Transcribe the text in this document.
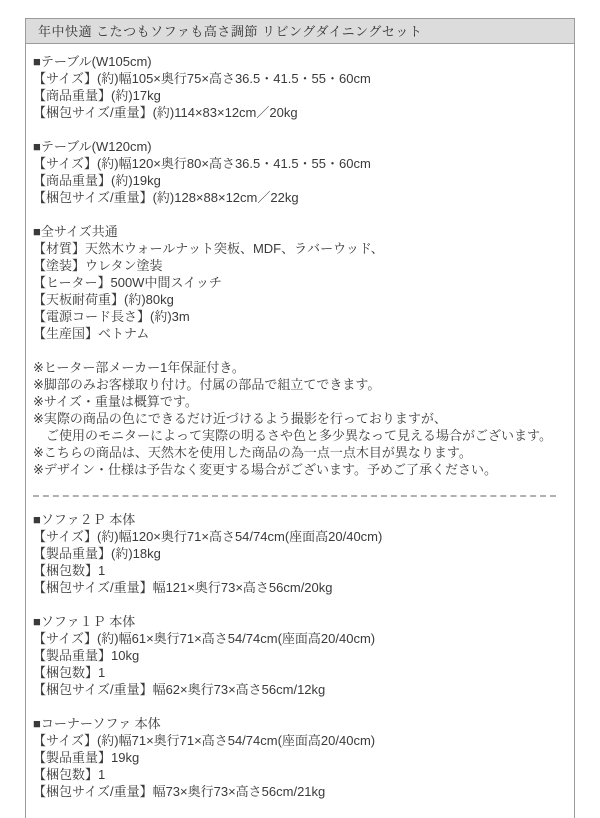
年中快適 こたつもソファも高さ調節 リビングダイニングセット
■テーブル(W105cm)
【サイズ】(約)幅105×奥行75×高さ36.5・41.5・55・60cm
【商品重量】(約)17kg
【梱包サイズ/重量】(約)114×83×12cm／20kg
■テーブル(W120cm)
【サイズ】(約)幅120×奥行80×高さ36.5・41.5・55・60cm
【商品重量】(約)19kg
【梱包サイズ/重量】(約)128×88×12cm／22kg
■全サイズ共通
【材質】天然木ウォールナット突板、MDF、ラバーウッド、
【塗装】ウレタン塗装
【ヒーター】500W中間スイッチ
【天板耐荷重】(約)80kg
【電源コード長さ】(約)3m
【生産国】ベトナム
※ヒーター部メーカー1年保証付き。
※脚部のみお客様取り付け。付属の部品で組立てできます。
※サイズ・重量は概算です。
※実際の商品の色にできるだけ近づけるよう撮影を行っておりますが、
　ご使用のモニターによって実際の明るさや色と多少異なって見える場合がございます。
※こちらの商品は、天然木を使用した商品の為一点一点木目が異なります。
※デザイン・仕様は予告なく変更する場合がございます。予めご了承ください。
■ソファ２Ｐ 本体
【サイズ】(約)幅120×奥行71×高さ54/74cm(座面高20/40cm)
【製品重量】(約)18kg
【梱包数】1
【梱包サイズ/重量】幅121×奥行73×高さ56cm/20kg
■ソファ１Ｐ 本体
【サイズ】(約)幅61×奥行71×高さ54/74cm(座面高20/40cm)
【製品重量】10kg
【梱包数】1
【梱包サイズ/重量】幅62×奥行73×高さ56cm/12kg
■コーナーソファ 本体
【サイズ】(約)幅71×奥行71×高さ54/74cm(座面高20/40cm)
【製品重量】19kg
【梱包数】1
【梱包サイズ/重量】幅73×奥行73×高さ56cm/21kg
